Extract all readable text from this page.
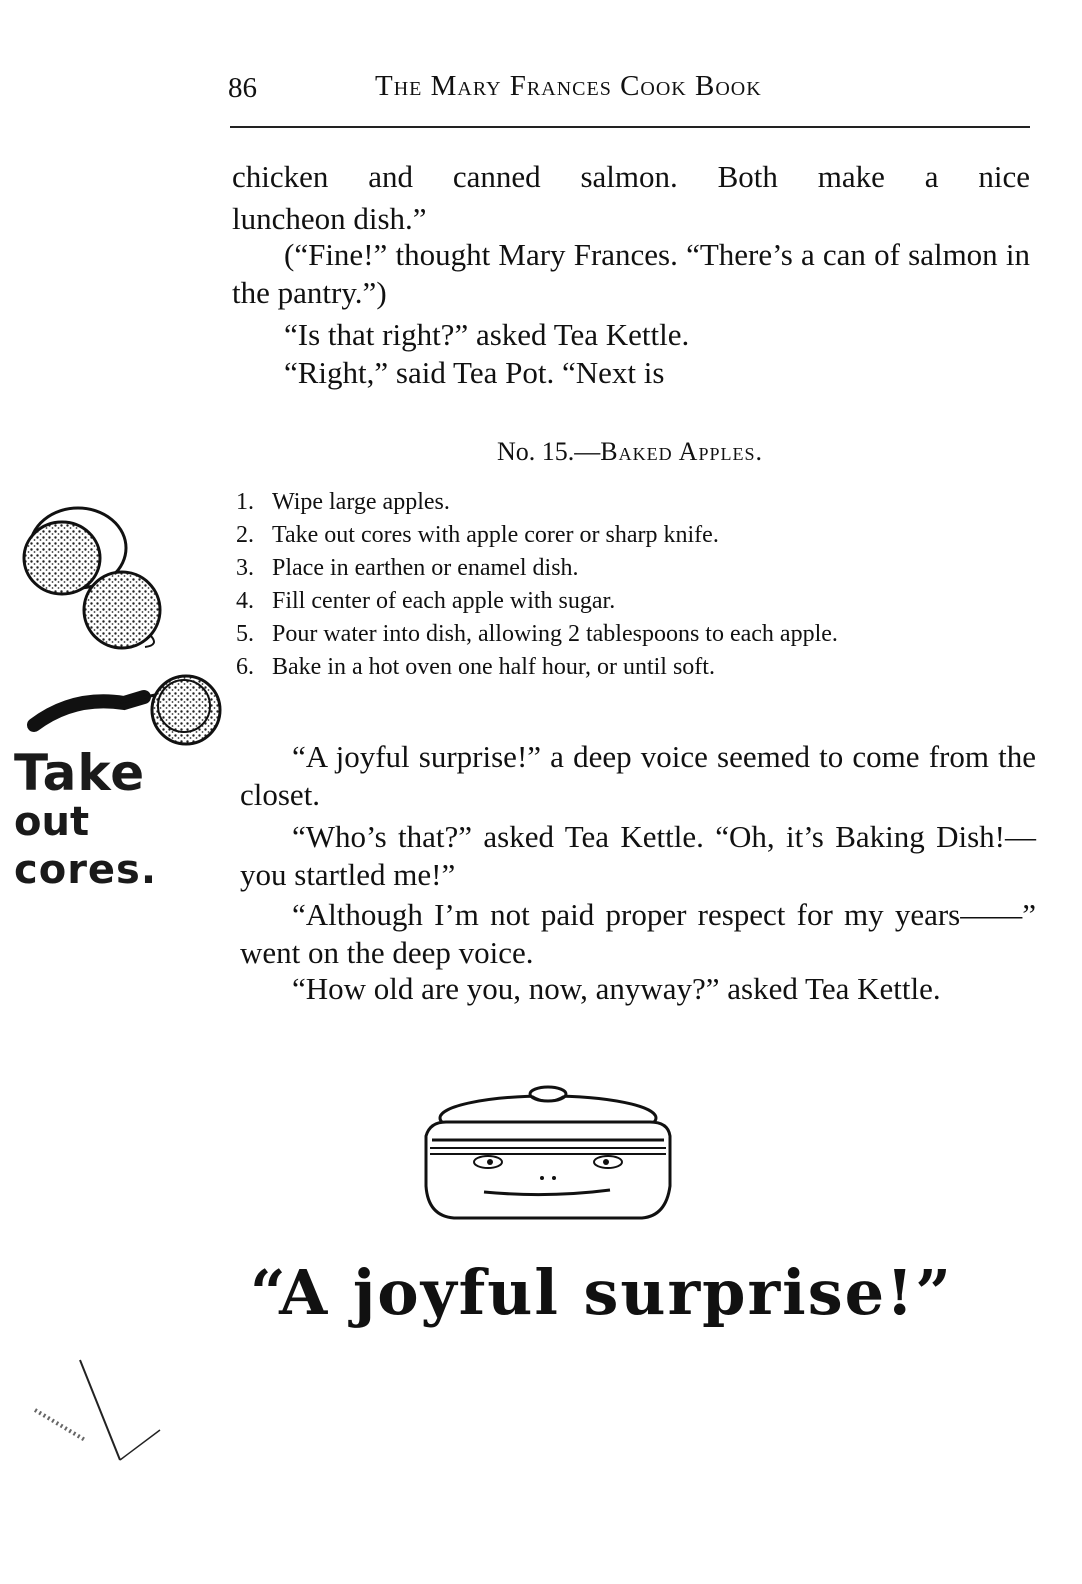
86	The Mary Frances Cook Book
chicken and canned salmon. Both make a nice
luncheon dish.”
(“Fine!” thought Mary Frances. “There’s a can of salmon in the pantry.”)
“Is that right?” asked Tea Kettle.
“Right,” said Tea Pot. “Next is
No. 15.—Baked Apples.
1. Wipe large apples.
2. Take out cores with apple corer or sharp knife.
3. Place in earthen or enamel dish.
4. Fill center of each apple with sugar.
5. Pour water into dish, allowing 2 tablespoons to each apple.
6. Bake in a hot oven one half hour, or until soft.
Take
out
cores.
“A joyful surprise!” a deep voice seemed to come from the closet.
“Who’s that?” asked Tea Kettle. “Oh, it’s Baking Dish!—you startled me!”
“Although I’m not paid proper respect for my years——” went on the deep voice.
“How old are you, now, anyway?” asked Tea Kettle.
“A joyful surprise!”
